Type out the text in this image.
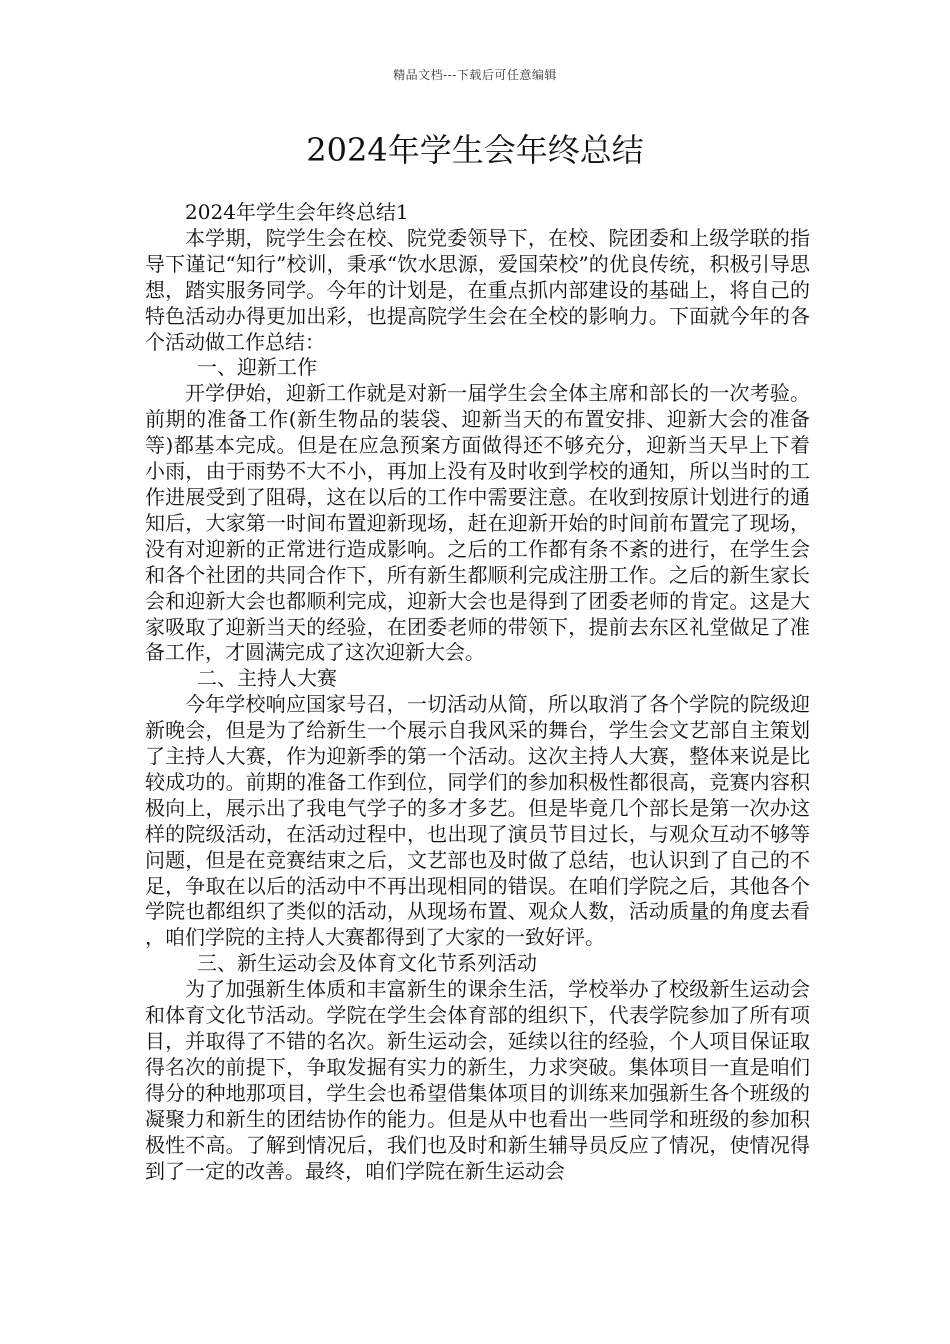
精品文档---下载后可任意编辑
2024年学生会年终总结

2024年学生会年终总结1

本学期，院学生会在校、院党委领导下，在校、院团委和上级学联的指导下谨记“知行”校训，秉承“饮水思源，爱国荣校”的优良传统，积极引导思想，踏实服务同学。今年的计划是，在重点抓内部建设的基础上，将自己的特色活动办得更加出彩，也提高院学生会在全校的影响力。下面就今年的各个活动做工作总结：

一、迎新工作

开学伊始，迎新工作就是对新一届学生会全体主席和部长的一次考验。前期的准备工作(新生物品的装袋、迎新当天的布置安排、迎新大会的准备等)都基本完成。但是在应急预案方面做得还不够充分，迎新当天早上下着小雨，由于雨势不大不小，再加上没有及时收到学校的通知，所以当时的工作进展受到了阻碍，这在以后的工作中需要注意。在收到按原计划进行的通知后，大家第一时间布置迎新现场，赶在迎新开始的时间前布置完了现场，没有对迎新的正常进行造成影响。之后的工作都有条不紊的进行，在学生会和各个社团的共同合作下，所有新生都顺利完成注册工作。之后的新生家长会和迎新大会也都顺利完成，迎新大会也是得到了团委老师的肯定。这是大家吸取了迎新当天的经验，在团委老师的带领下，提前去东区礼堂做足了准备工作，才圆满完成了这次迎新大会。

二、主持人大赛

今年学校响应国家号召，一切活动从简，所以取消了各个学院的院级迎新晚会，但是为了给新生一个展示自我风采的舞台，学生会文艺部自主策划了主持人大赛，作为迎新季的第一个活动。这次主持人大赛，整体来说是比较成功的。前期的准备工作到位，同学们的参加积极性都很高，竞赛内容积极向上，展示出了我电气学子的多才多艺。但是毕竟几个部长是第一次办这样的院级活动，在活动过程中，也出现了演员节目过长，与观众互动不够等问题，但是在竞赛结束之后，文艺部也及时做了总结，也认识到了自己的不足，争取在以后的活动中不再出现相同的错误。在咱们学院之后，其他各个学院也都组织了类似的活动，从现场布置、观众人数，活动质量的角度去看，咱们学院的主持人大赛都得到了大家的一致好评。

三、新生运动会及体育文化节系列活动

为了加强新生体质和丰富新生的课余生活，学校举办了校级新生运动会和体育文化节活动。学院在学生会体育部的组织下，代表学院参加了所有项目，并取得了不错的名次。新生运动会，延续以往的经验，个人项目保证取得名次的前提下，争取发掘有实力的新生，力求突破。集体项目一直是咱们得分的种地那项目，学生会也希望借集体项目的训练来加强新生各个班级的凝聚力和新生的团结协作的能力。但是从中也看出一些同学和班级的参加积极性不高。了解到情况后，我们也及时和新生辅导员反应了情况，使情况得到了一定的改善。最终，咱们学院在新生运动会
